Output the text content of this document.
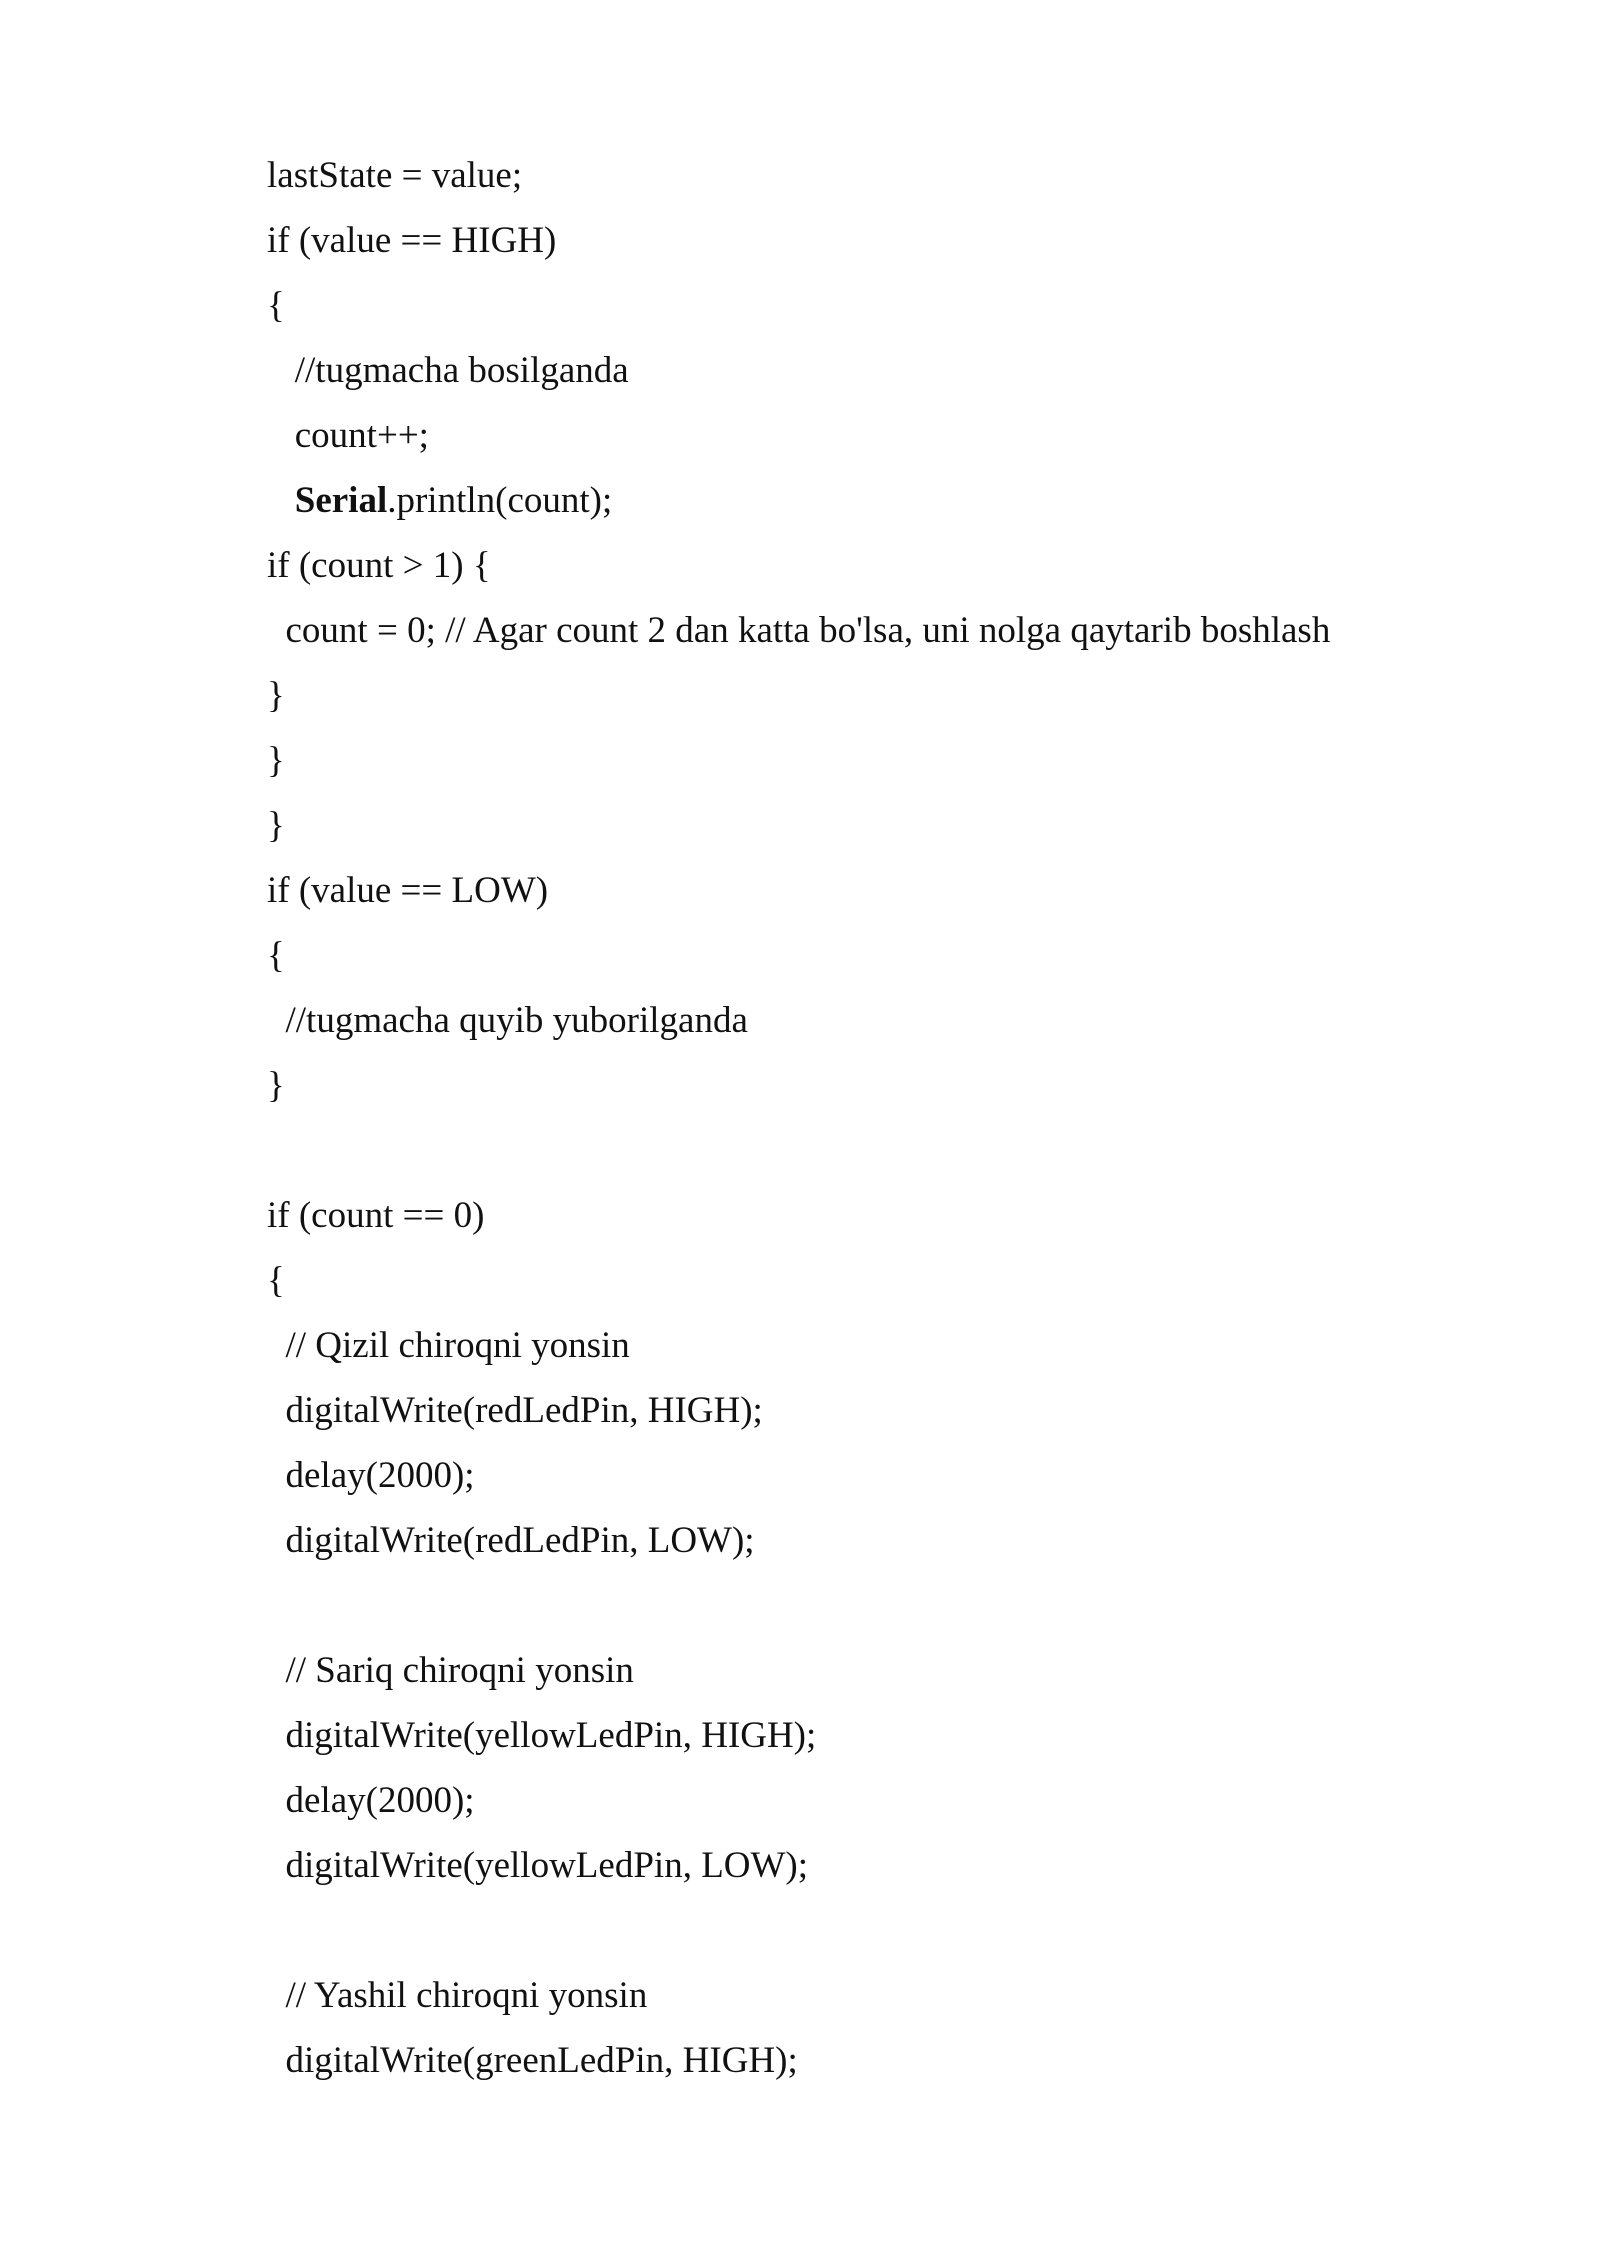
lastState = value;
if (value == HIGH)
{
//tugmacha bosilganda
count++;
Serial.println(count);
if (count > 1) {
count = 0; // Agar count 2 dan katta bo'lsa, uni nolga qaytarib boshlash
}
}
}
if (value == LOW)
{
//tugmacha quyib yuborilganda
}
if (count == 0)
{
// Qizil chiroqni yonsin
digitalWrite(redLedPin, HIGH);
delay(2000);
digitalWrite(redLedPin, LOW);
// Sariq chiroqni yonsin
digitalWrite(yellowLedPin, HIGH);
delay(2000);
digitalWrite(yellowLedPin, LOW);
// Yashil chiroqni yonsin
digitalWrite(greenLedPin, HIGH);
